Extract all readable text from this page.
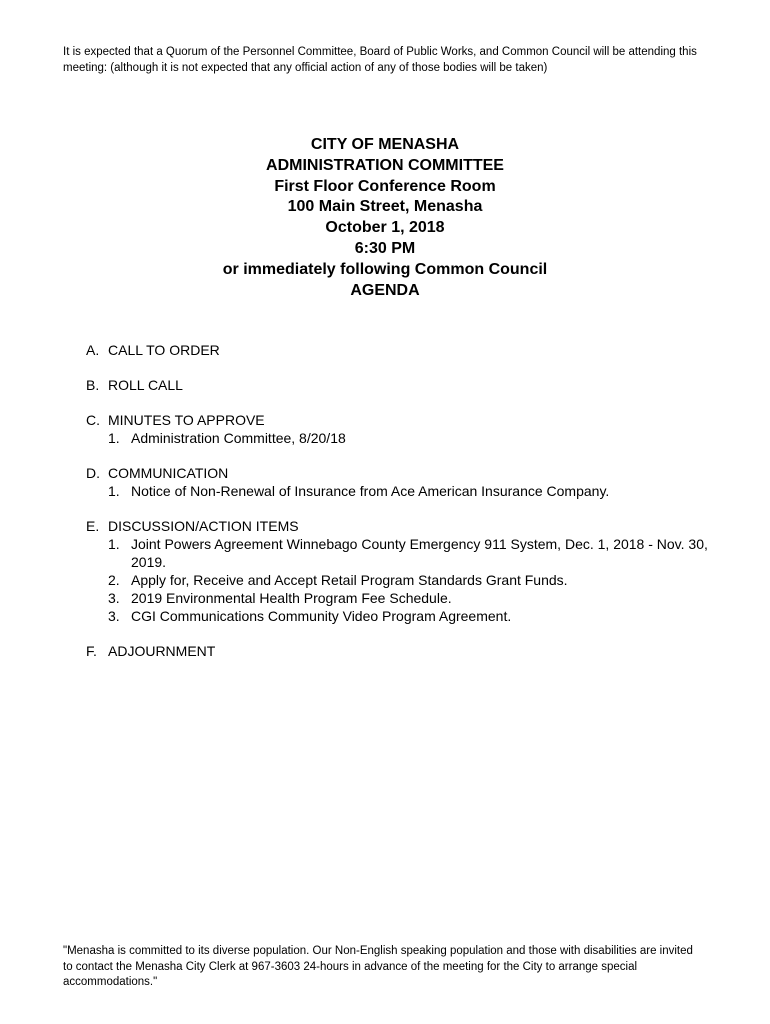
It is expected that a Quorum of the Personnel Committee, Board of Public Works, and Common Council will be attending this meeting: (although it is not expected that any official action of any of those bodies will be taken)
CITY OF MENASHA
ADMINISTRATION COMMITTEE
First Floor Conference Room
100 Main Street, Menasha
October 1, 2018
6:30 PM
or immediately following Common Council
AGENDA
A. CALL TO ORDER
B. ROLL CALL
C. MINUTES TO APPROVE
1. Administration Committee, 8/20/18
D. COMMUNICATION
1. Notice of Non-Renewal of Insurance from Ace American Insurance Company.
E. DISCUSSION/ACTION ITEMS
1. Joint Powers Agreement Winnebago County Emergency 911 System, Dec. 1, 2018 - Nov. 30, 2019.
2. Apply for, Receive and Accept Retail Program Standards Grant Funds.
3. 2019 Environmental Health Program Fee Schedule.
3. CGI Communications Community Video Program Agreement.
F. ADJOURNMENT
"Menasha is committed to its diverse population. Our Non-English speaking population and those with disabilities are invited to contact the Menasha City Clerk at 967-3603 24-hours in advance of the meeting for the City to arrange special accommodations."
